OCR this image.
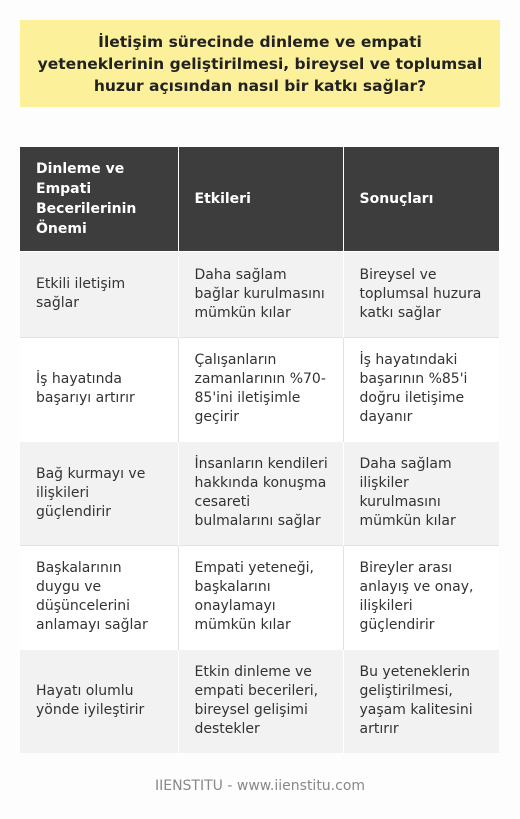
İletişim sürecinde dinleme ve empati yeteneklerinin geliştirilmesi, bireysel ve toplumsal huzur açısından nasıl bir katkı sağlar?
Dinleme ve Empati Becerilerinin Önemi	Etkileri	Sonuçları
Etkili iletişim sağlar	Daha sağlam bağlar kurulmasını mümkün kılar	Bireysel ve toplumsal huzura katkı sağlar
İş hayatında başarıyı artırır	Çalışanların zamanlarının %70-85'ini iletişimle geçirir	İş hayatındaki başarının %85'i doğru iletişime dayanır
Bağ kurmayı ve ilişkileri güçlendirir	İnsanların kendileri hakkında konuşma cesareti bulmalarını sağlar	Daha sağlam ilişkiler kurulmasını mümkün kılar
Başkalarının duygu ve düşüncelerini anlamayı sağlar	Empati yeteneği, başkalarını onaylamayı mümkün kılar	Bireyler arası anlayış ve onay, ilişkileri güçlendirir
Hayatı olumlu yönde iyileştirir	Etkin dinleme ve empati becerileri, bireysel gelişimi destekler	Bu yeteneklerin geliştirilmesi, yaşam kalitesini artırır
IIENSTITU - www.iienstitu.com
